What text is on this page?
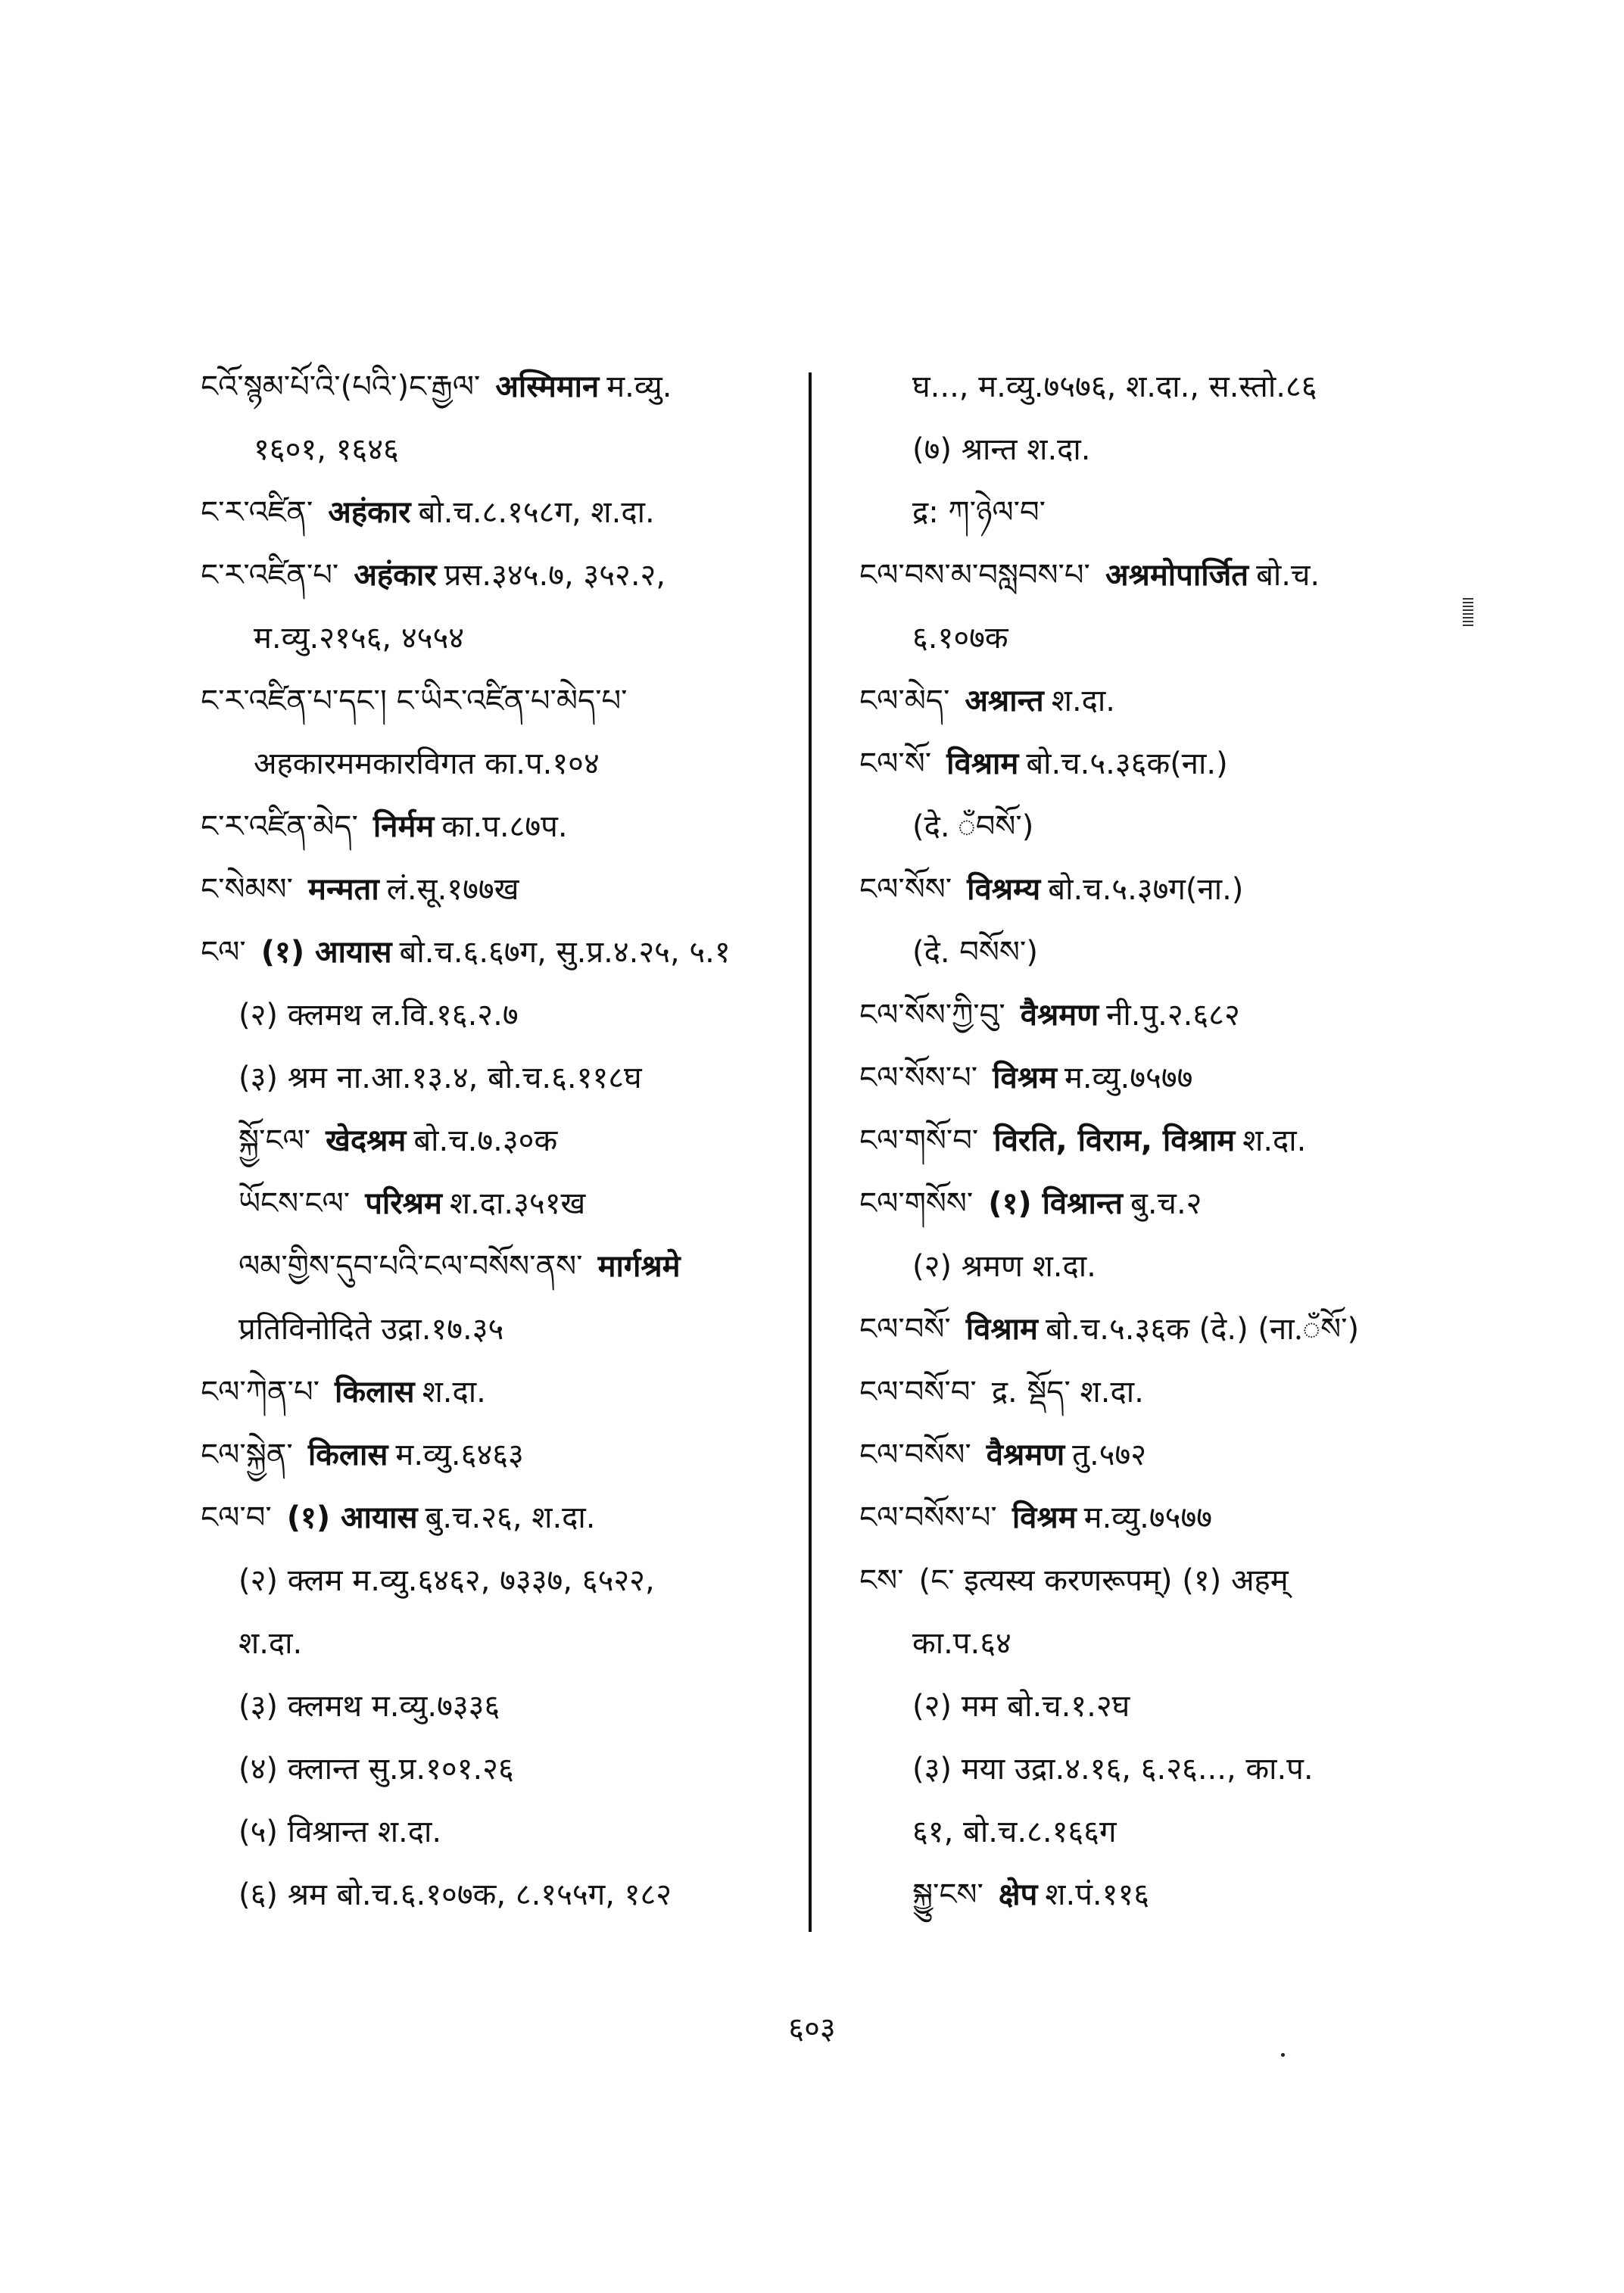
ངའོ་སྙམ་པོ་འི་(པའི་)ང་རྒྱལ་ अस्मिमान म.व्यु.
१६०१, १६४६
ང་ར་འཛིན་ अहंकार बो.च.८.१५८ग, श.दा.
ང་ར་འཛིན་པ་ अहंकार प्रस.३४५.७, ३५२.२,
म.व्यु.२१५६, ४५५४
ང་ར་འཛིན་པ་དང་། ང་ཡིར་འཛིན་པ་མེད་པ་
अहकारममकारविगत का.प.१०४
ང་ར་འཛིན་མེད་ निर्मम का.प.८७प.
ང་སེམས་ मन्मता लं.सू.१७७ख
ངལ་ (१) आयास बो.च.६.६७ग, सु.प्र.४.२५, ५.१
(२) क्लमथ ल.वि.१६.२.७
(३) श्रम ना.आ.१३.४, बो.च.६.११८घ
སྐྱོ་ངལ་ खेदश्रम बो.च.७.३०क
ཡོངས་ངལ་ परिश्रम श.दा.३५१ख
ལམ་གྱིས་དུབ་པའི་ངལ་བསོས་ནས་ मार्गश्रमे
प्रतिविनोदिते उद्रा.१७.३५
ངལ་ཀེན་པ་ किलास श.दा.
ངལ་སྐྱེན་ किलास म.व्यु.६४६३
ངལ་བ་ (१) आयास बु.च.२६, श.दा.
(२) क्लम म.व्यु.६४६२, ७३३७, ६५२२,
श.दा.
(३) क्लमथ म.व्यु.७३३६
(४) क्लान्त सु.प्र.१०१.२६
(५) विश्रान्त श.दा.
(६) श्रम बो.च.६.१०७क, ८.१५५ग, १८२
घ..., म.व्यु.७५७६, श.दा., स.स्तो.८६
(७) श्रान्त श.दा.
द्र: ཀ་ཉེལ་བ་
ངལ་བས་མ་བསླབས་པ་ अश्रमोपार्जित बो.च.
६.१०७क
ངལ་མེད་ अश्रान्त श.दा.
ངལ་སོ་ विश्राम बो.च.५.३६क(ना.)
(दे. ँབསོ་)
ངལ་སོས་ विश्रम्य बो.च.५.३७ग(ना.)
(दे. བསོས་)
ངལ་སོས་ཀྱི་བུ་ वैश्रमण नी.पु.२.६८२
ངལ་སོས་པ་ विश्रम म.व्यु.७५७७
ངལ་གསོ་བ་ विरति, विराम, विश्राम श.दा.
ངལ་གསོས་ (१) विश्रान्त बु.च.२
(२) श्रमण श.दा.
ངལ་བསོ་ विश्राम बो.च.५.३६क (दे.) (ना.ँསོ་)
ངལ་བསོ་བ་ द्र. སྡོད་ श.दा.
ངལ་བསོས་ वैश्रमण तु.५७२
ངལ་བསོས་པ་ विश्रम म.व्यु.७५७७
ངས་ (ང་ इत्यस्य करणरूपम्) (१) अहम्
का.प.६४
(२) मम बो.च.१.२घ
(३) मया उद्रा.४.१६, ६.२६..., का.प.
६१, बो.च.८.१६६ग
སྐྱུ་ངས་ क्षेप श.पं.११६
६०३
